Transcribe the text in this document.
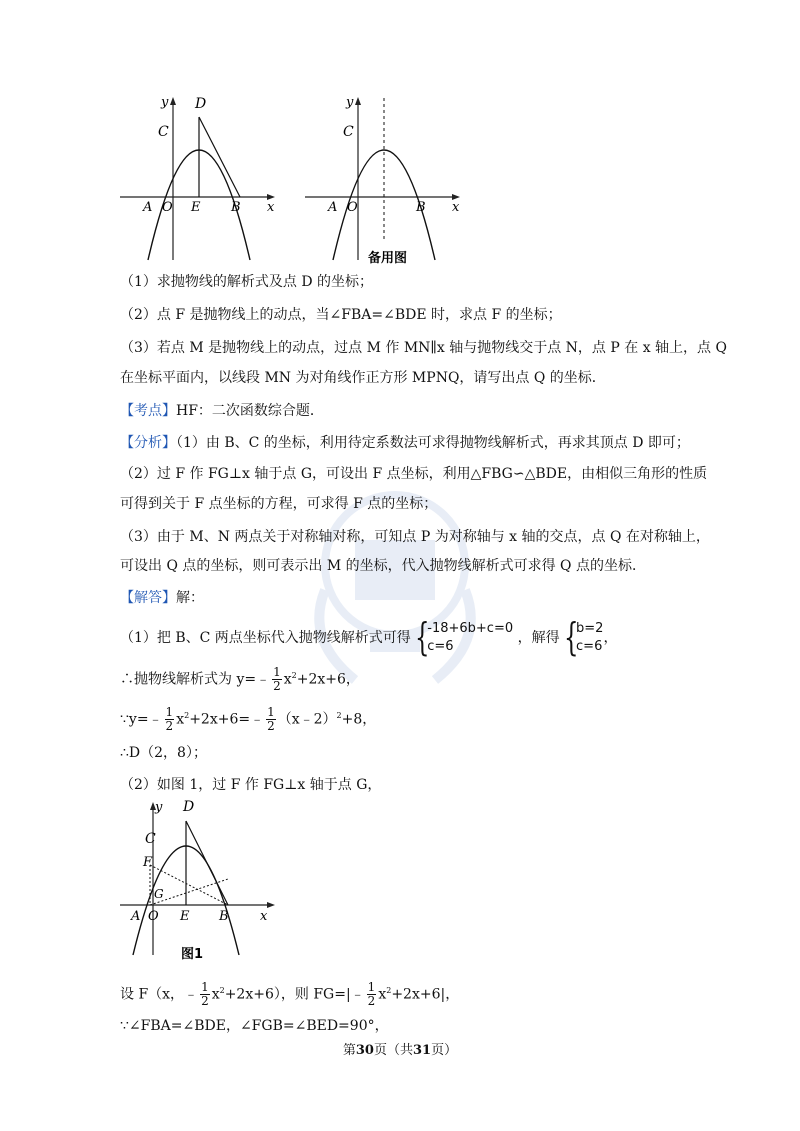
y D
C
A O E B x
y
C
A O	B x
备用图
（1）求抛物线的解析式及点 D 的坐标；
（2）点 F 是抛物线上的动点，当∠FBA=∠BDE 时，求点 F 的坐标；
（3）若点 M 是抛物线上的动点，过点 M 作 MN∥x 轴与抛物线交于点 N，点 P 在 x 轴上，点 Q
在坐标平面内，以线段 MN 为对角线作正方形 MPNQ，请写出点 Q 的坐标．
【考点】HF：二次函数综合题．
【分析】（1）由 B、C 的坐标，利用待定系数法可求得抛物线解析式，再求其顶点 D 即可；
（2）过 F 作 FG⊥x 轴于点 G，可设出 F 点坐标，利用△FBG∽△BDE，由相似三角形的性质
可得到关于 F 点坐标的方程，可求得 F 点的坐标；
（3）由于 M、N 两点关于对称轴对称，可知点 P 为对称轴与 x 轴的交点，点 Q 在对称轴上，
可设出 Q 点的坐标，则可表示出 M 的坐标，代入抛物线解析式可求得 Q 点的坐标．
【解答】解：
（1）把 B、C 两点坐标代入抛物线解析式可得 {
-18+6b+c=0
c=6
，解得 {
b=2
c=6
，
∴抛物线解析式为 y=﹣ $\frac{1}{2} x^2+2x+6$，
∵y=﹣ $\frac{1}{2}$ $x^2+2x+6=﹣ \frac{1}{2}$ （x﹣2）$^2$+8，
∴D（2，8）；
（2）如图 1，过 F 作 FG⊥x 轴于点 G，
y D
C
F
G
A O E B x
图1
设 F（x，﹣ $\frac{1}{2} x^2+2x+6$），则 FG=|﹣ $\frac{1}{2} x^2+2x+6|$，
∵∠FBA=∠BDE，∠FGB=∠BED=90°，
第30页（共31页）
